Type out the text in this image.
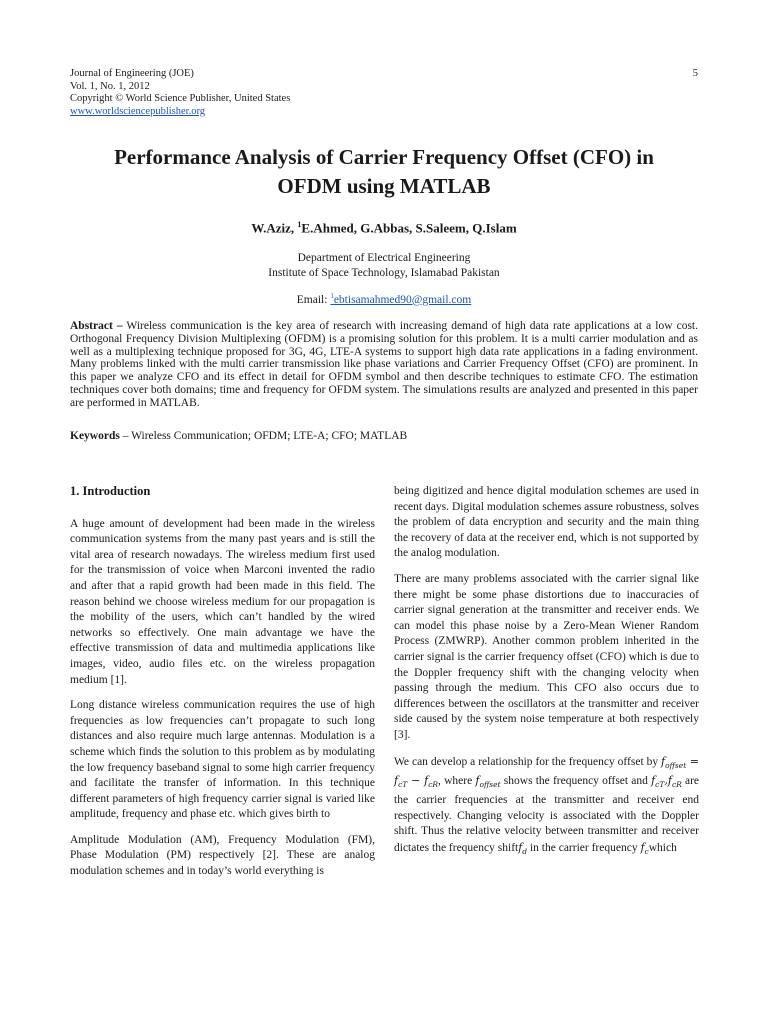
5
Journal of Engineering (JOE)
Vol. 1, No. 1, 2012
Copyright © World Science Publisher, United States
www.worldsciencepublisher.org
Performance Analysis of Carrier Frequency Offset (CFO) in
OFDM using MATLAB
W.Aziz, $^1$E.Ahmed, G.Abbas, S.Saleem, Q.Islam
Department of Electrical Engineering
Institute of Space Technology, Islamabad Pakistan
Email: $^1$ebtisamahmed90@gmail.com
Abstract – Wireless communication is the key area of research with increasing demand of high data rate applications at a low cost. Orthogonal Frequency Division Multiplexing (OFDM) is a promising solution for this problem. It is a multi carrier modulation and as well as a multiplexing technique proposed for 3G, 4G, LTE-A systems to support high data rate applications in a fading environment. Many problems linked with the multi carrier transmission like phase variations and Carrier Frequency Offset (CFO) are prominent. In this paper we analyze CFO and its effect in detail for OFDM symbol and then describe techniques to estimate CFO. The estimation techniques cover both domains; time and frequency for OFDM system. The simulations results are analyzed and presented in this paper are performed in MATLAB.
Keywords – Wireless Communication; OFDM; LTE-A; CFO; MATLAB
1. Introduction

A huge amount of development had been made in the wireless communication systems from the many past years and is still the vital area of research nowadays. The wireless medium first used for the transmission of voice when Marconi invented the radio and after that a rapid growth had been made in this field. The reason behind we choose wireless medium for our propagation is the mobility of the users, which can’t handled by the wired networks so effectively. One main advantage we have the effective transmission of data and multimedia applications like images, video, audio files etc. on the wireless propagation medium [1].

Long distance wireless communication requires the use of high frequencies as low frequencies can’t propagate to such long distances and also require much large antennas. Modulation is a scheme which finds the solution to this problem as by modulating the low frequency baseband signal to some high carrier frequency and facilitate the transfer of information. In this technique different parameters of high frequency carrier signal is varied like amplitude, frequency and phase etc. which gives birth to

Amplitude Modulation (AM), Frequency Modulation (FM), Phase Modulation (PM) respectively [2]. These are analog modulation schemes and in today’s world everything is

being digitized and hence digital modulation schemes are used in recent days. Digital modulation schemes assure robustness, solves the problem of data encryption and security and the main thing the recovery of data at the receiver end, which is not supported by the analog modulation.

There are many problems associated with the carrier signal like there might be some phase distortions due to inaccuracies of carrier signal generation at the transmitter and receiver ends. We can model this phase noise by a Zero-Mean Wiener Random Process (ZMWRP). Another common problem inherited in the carrier signal is the carrier frequency offset (CFO) which is due to the Doppler frequency shift with the changing velocity when passing through the medium. This CFO also occurs due to differences between the oscillators at the transmitter and receiver side caused by the system noise temperature at both respectively [3].

We can develop a relationship for the frequency offset by $f_{offset} = f_{cT} - f_{cR}$, where $f_{offset}$ shows the frequency offset and $f_{cT},f_{cR}$ are the carrier frequencies at the transmitter and receiver end respectively. Changing velocity is associated with the Doppler shift. Thus the relative velocity between transmitter and receiver dictates the frequency shiftf$_d$ in the carrier frequency $f_cwhich$
